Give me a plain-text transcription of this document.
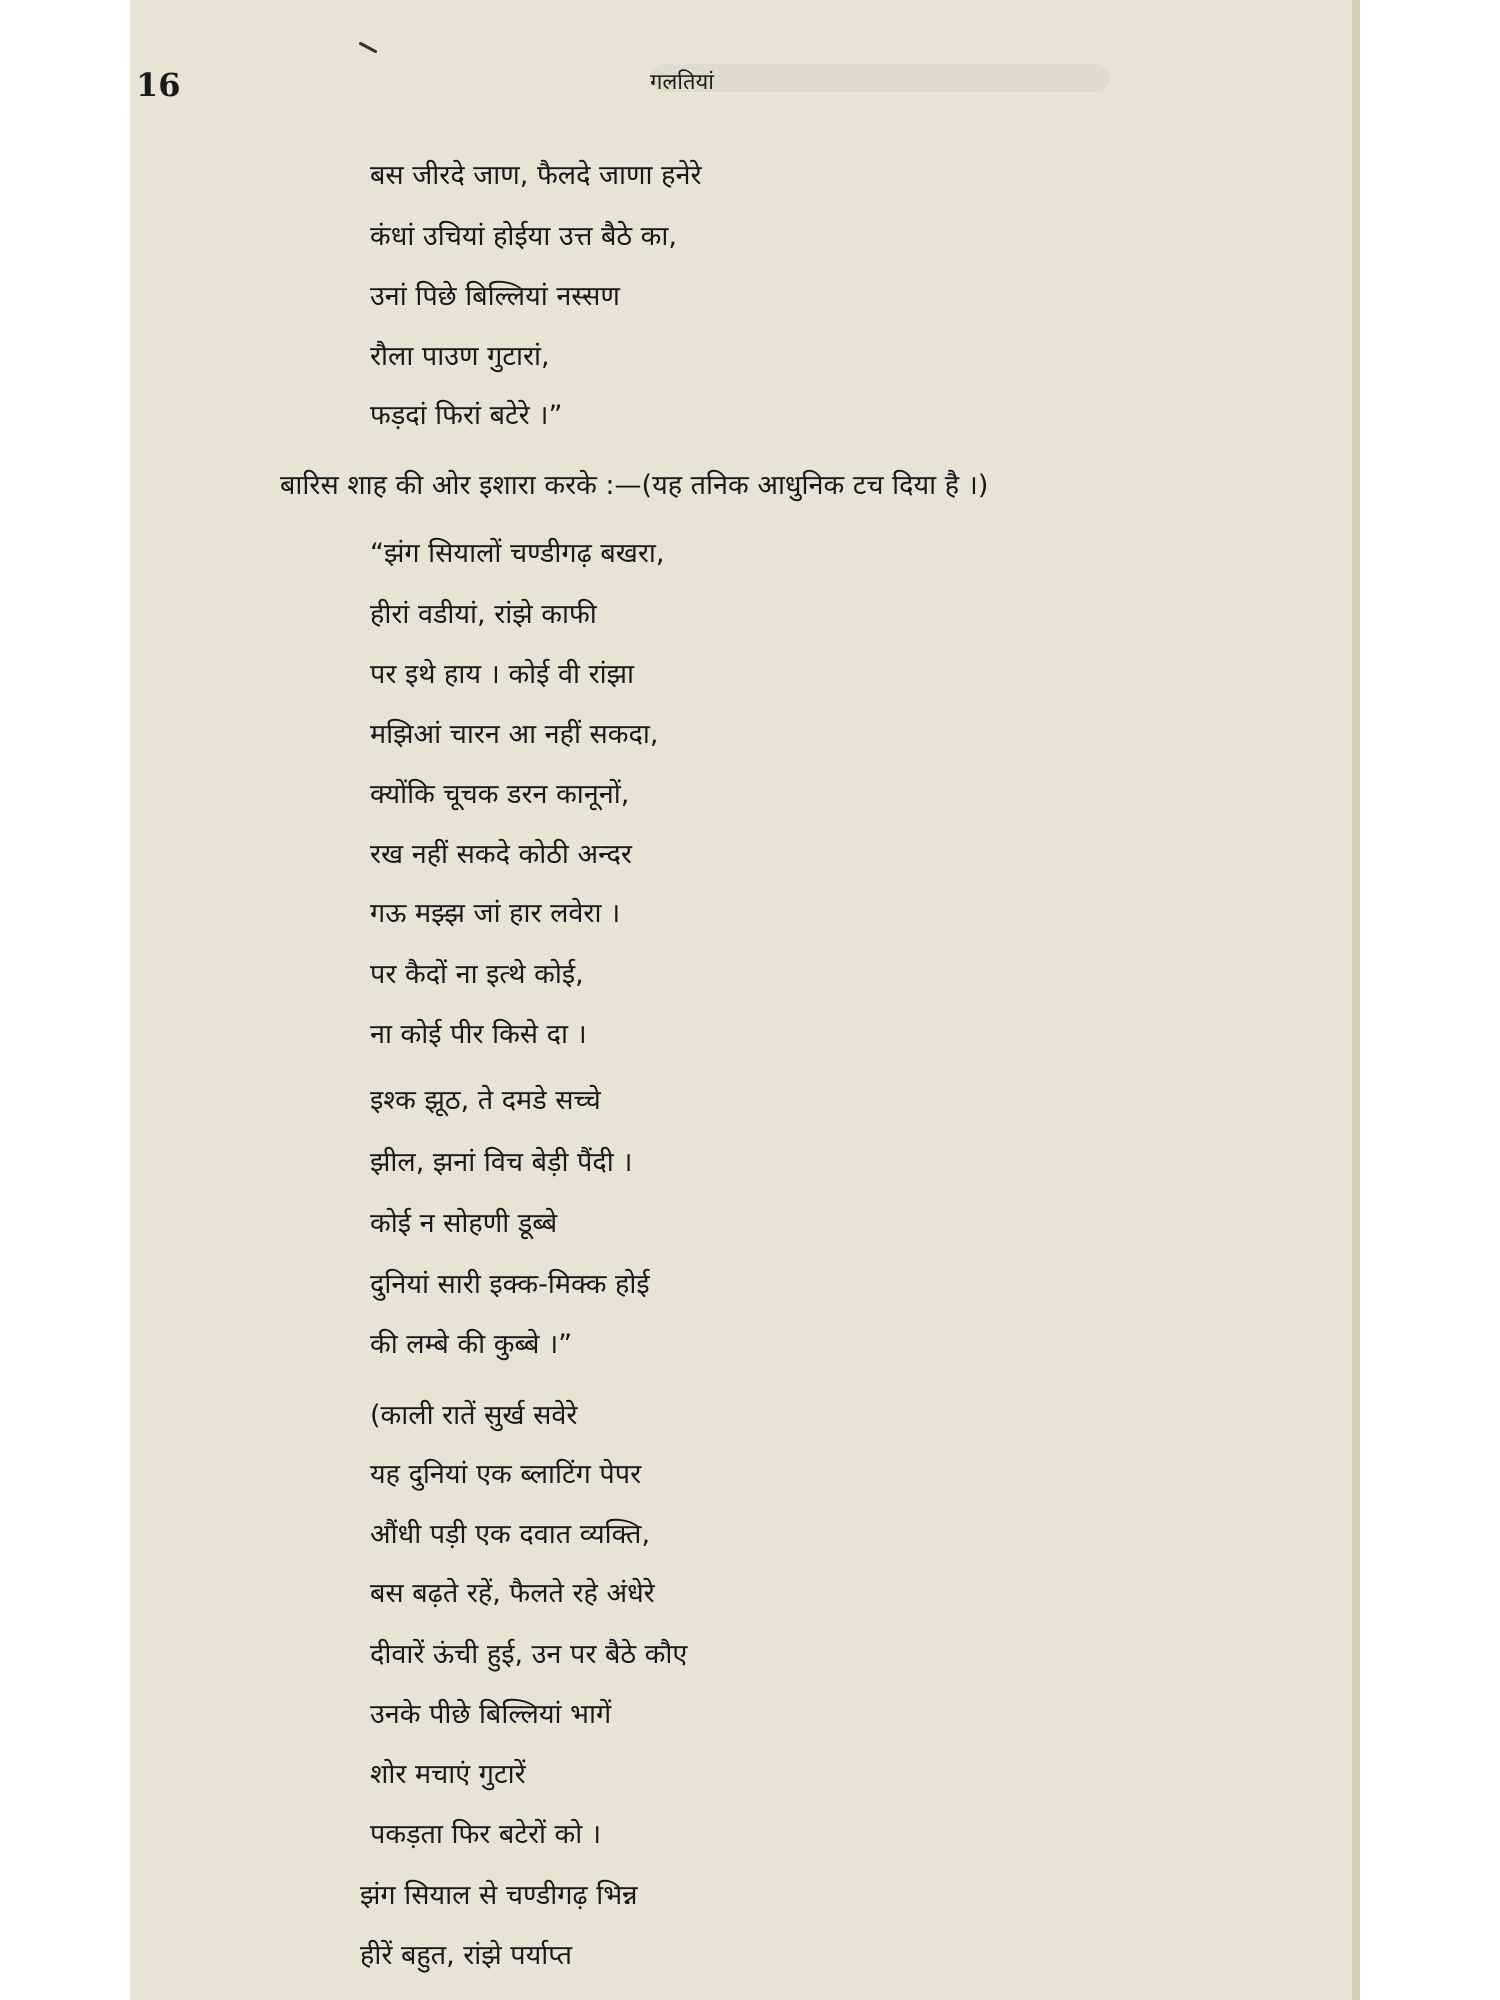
16	गलतियां
बस जीरदे जाण, फैलदे जाणा हनेरे
कंधां उचियां होईया उत्त बैठे का,
उनां पिछे बिल्लियां नस्सण
रौला पाउण गुटारां,
फड़दां फिरां बटेरे ।”
बारिस शाह की ओर इशारा करके :—(यह तनिक आधुनिक टच दिया है ।)
“झंग सियालों चण्डीगढ़ बखरा,
हीरां वडीयां, रांझे काफी
पर इथे हाय । कोई वी रांझा
मझिआं चारन आ नहीं सकदा,
क्योंकि चूचक डरन कानूनों,
रख नहीं सकदे कोठी अन्दर
गऊ मझ्झ जां हार लवेरा ।
पर कैदों ना इत्थे कोई,
ना कोई पीर किसे दा ।
इश्क झूठ, ते दमडे सच्चे
झील, झनां विच बेड़ी पैंदी ।
कोई न सोहणी डूब्बे
दुनियां सारी इक्क-मिक्क होई
की लम्बे की कुब्बे ।”
(काली रातें सुर्ख सवेरे
यह दुनियां एक ब्लाटिंग पेपर
औंधी पड़ी एक दवात व्यक्ति,
बस बढ़ते रहें, फैलते रहे अंधेरे
दीवारें ऊंची हुई, उन पर बैठे कौए
उनके पीछे बिल्लियां भागें
शोर मचाएं गुटारें
पकड़ता फिर बटेरों को ।
झंग सियाल से चण्डीगढ़ भिन्न
हीरें बहुत, रांझे पर्याप्त
